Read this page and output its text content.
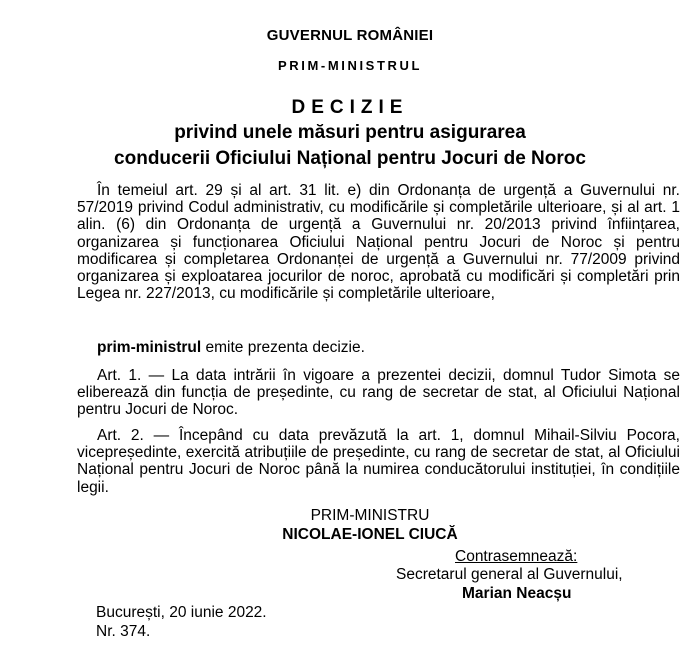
GUVERNUL ROMÂNIEI
PRIM-MINISTRUL
DECIZIE
privind unele măsuri pentru asigurarea
conducerii Oficiului Național pentru Jocuri de Noroc
În temeiul art. 29 și al art. 31 lit. e) din Ordonanța de urgență a Guvernului nr. 57/2019 privind Codul administrativ, cu modificările și completările ulterioare, și al art. 1 alin. (6) din Ordonanța de urgență a Guvernului nr. 20/2013 privind înființarea, organizarea și funcționarea Oficiului Național pentru Jocuri de Noroc și pentru modificarea și completarea Ordonanței de urgență a Guvernului nr. 77/2009 privind organizarea și exploatarea jocurilor de noroc, aprobată cu modificări și completări prin Legea nr. 227/2013, cu modificările și completările ulterioare,
prim-ministrul emite prezenta decizie.
Art. 1. — La data intrării în vigoare a prezentei decizii, domnul Tudor Simota se eliberează din funcția de președinte, cu rang de secretar de stat, al Oficiului Național pentru Jocuri de Noroc.
Art. 2. — Începând cu data prevăzută la art. 1, domnul Mihail-Silviu Pocora, vicepreședinte, exercită atribuțiile de președinte, cu rang de secretar de stat, al Oficiului Național pentru Jocuri de Noroc până la numirea conducătorului instituției, în condițiile legii.
PRIM-MINISTRU
NICOLAE-IONEL CIUCĂ
Contrasemnează:
Secretarul general al Guvernului,
Marian Neacșu
București, 20 iunie 2022.
Nr. 374.
